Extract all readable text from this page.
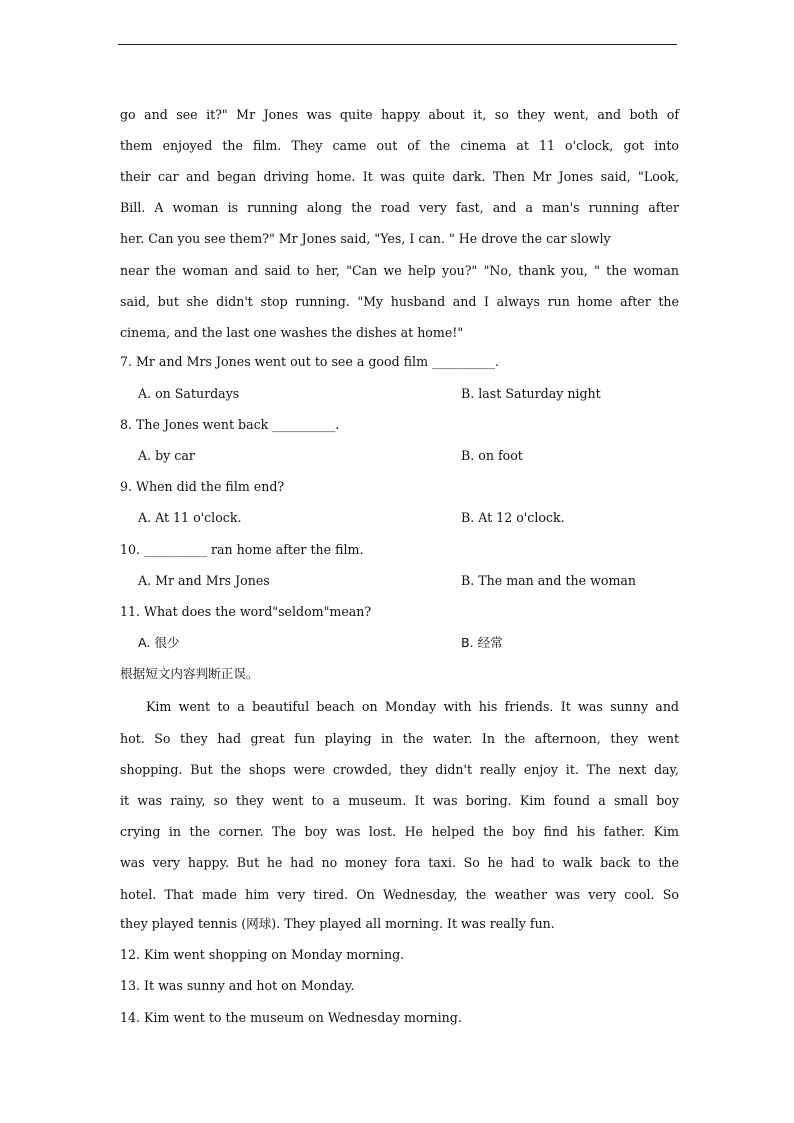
go and see it?" Mr Jones was quite happy about it, so they went, and both of
them enjoyed the film. They came out of the cinema at 11 o'clock, got into
their car and began driving home. It was quite dark. Then Mr Jones said, "Look,
Bill. A woman is running along the road very fast, and a man's running after
her. Can you see them?" Mr Jones said, "Yes, I can. " He drove the car slowly
near the woman and said to her, "Can we help you?" "No, thank you, " the woman
said, but she didn't stop running. "My husband and I always run home after the
cinema, and the last one washes the dishes at home!"
7. Mr and Mrs Jones went out to see a good film __________.
A. on Saturdays	B. last Saturday night
8. The Jones went back __________.
A. by car	B. on foot
9. When did the film end?
A. At 11 o'clock.	B. At 12 o'clock.
10. __________ ran home after the film.
A. Mr and Mrs Jones	B. The man and the woman
11. What does the word"seldom"mean?
A. 很少	B. 经常
根据短文内容判断正误。
Kim went to a beautiful beach on Monday with his friends. It was sunny and
hot. So they had great fun playing in the water. In the afternoon, they went
shopping. But the shops were crowded, they didn't really enjoy it. The next day,
it was rainy, so they went to a museum. It was boring. Kim found a small boy
crying in the corner. The boy was lost. He helped the boy find his father. Kim
was very happy. But he had no money fora taxi. So he had to walk back to the
hotel. That made him very tired. On Wednesday, the weather was very cool. So
they played tennis (网球). They played all morning. It was really fun.
12. Kim went shopping on Monday morning.
13. It was sunny and hot on Monday.
14. Kim went to the museum on Wednesday morning.
